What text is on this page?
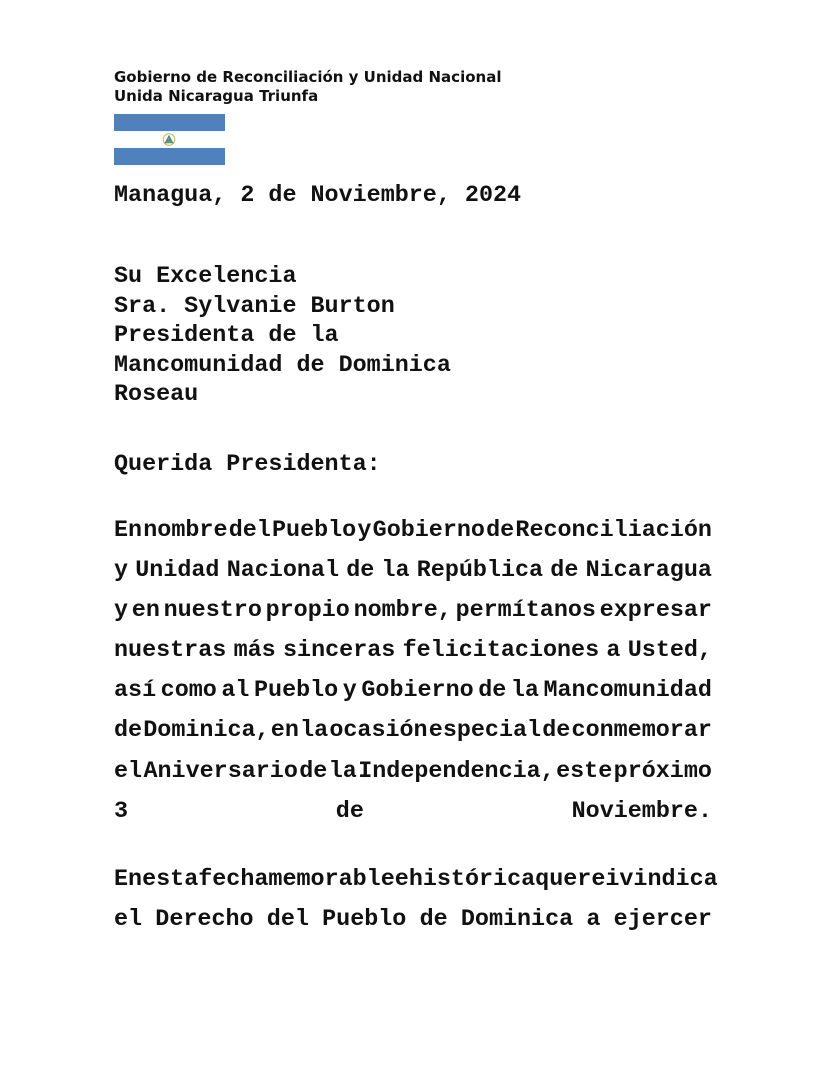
Gobierno de Reconciliación y Unidad Nacional
Unida Nicaragua Triunfa
Managua, 2 de Noviembre, 2024
Su Excelencia
Sra. Sylvanie Burton
Presidenta de la
Mancomunidad de Dominica
Roseau
Querida Presidenta:
En nombre del Pueblo y Gobierno de Reconciliación
y Unidad Nacional de la República de Nicaragua
y en nuestro propio nombre, permítanos expresar
nuestras más sinceras felicitaciones a Usted,
así como al Pueblo y Gobierno de la Mancomunidad
de Dominica, en la ocasión especial de conmemorar
el Aniversario de la Independencia, este próximo
3 de Noviembre.
En esta fecha memorable e histórica que reivindica
el Derecho del Pueblo de Dominica a ejercer
